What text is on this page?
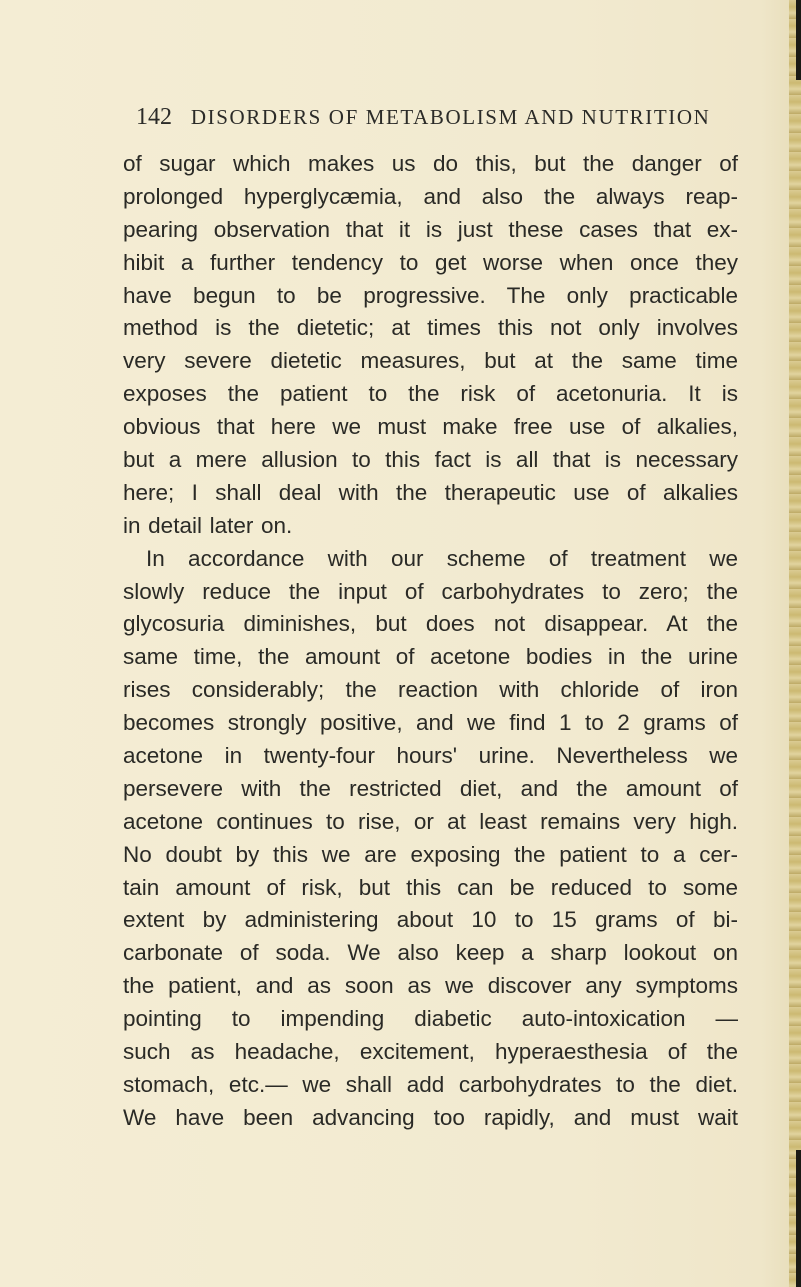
142 DISORDERS OF METABOLISM AND NUTRITION
of sugar which makes us do this, but the danger of
prolonged hyperglycæmia, and also the always reap-
pearing observation that it is just these cases that ex-
hibit a further tendency to get worse when once they
have begun to be progressive. The only practicable
method is the dietetic; at times this not only involves
very severe dietetic measures, but at the same time
exposes the patient to the risk of acetonuria. It is
obvious that here we must make free use of alkalies,
but a mere allusion to this fact is all that is necessary
here; I shall deal with the therapeutic use of alkalies
in detail later on.
In accordance with our scheme of treatment we
slowly reduce the input of carbohydrates to zero; the
glycosuria diminishes, but does not disappear. At the
same time, the amount of acetone bodies in the urine
rises considerably; the reaction with chloride of iron
becomes strongly positive, and we find 1 to 2 grams of
acetone in twenty-four hours' urine. Nevertheless we
persevere with the restricted diet, and the amount of
acetone continues to rise, or at least remains very high.
No doubt by this we are exposing the patient to a cer-
tain amount of risk, but this can be reduced to some
extent by administering about 10 to 15 grams of bi-
carbonate of soda. We also keep a sharp lookout on
the patient, and as soon as we discover any symptoms
pointing to impending diabetic auto-intoxication —
such as headache, excitement, hyperaesthesia of the
stomach, etc.— we shall add carbohydrates to the diet.
We have been advancing too rapidly, and must wait
